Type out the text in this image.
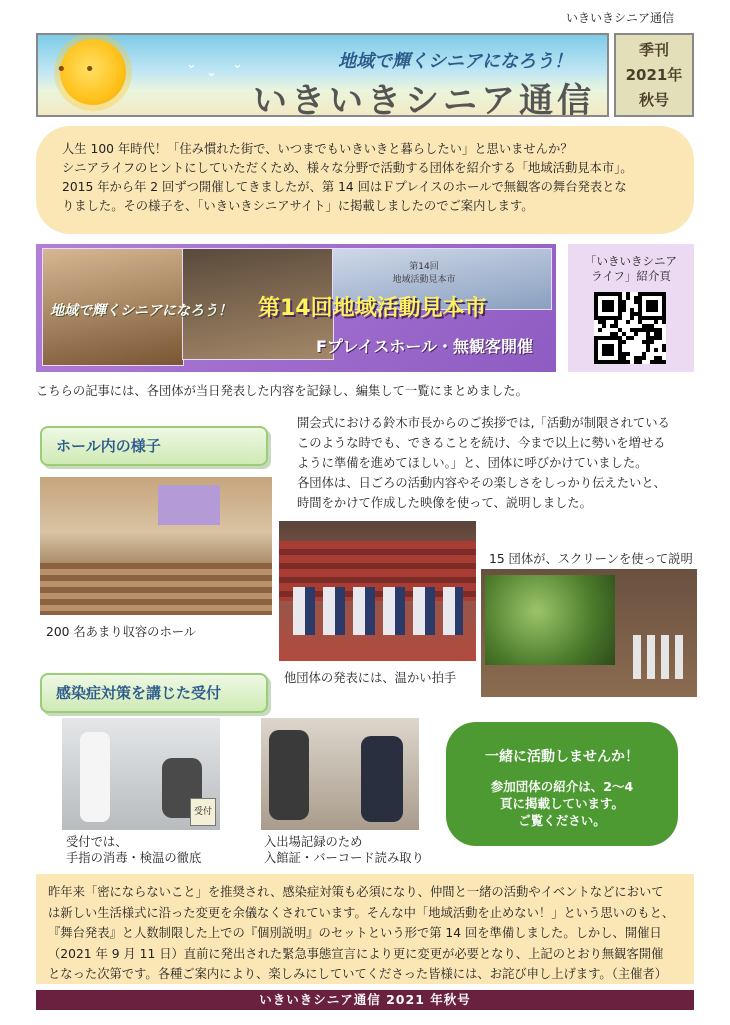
いきいきシニア通信
• •	⌄
⌄
⌄	地域で輝くシニアになろう！
いきいきシニア通信
季刊
2021年
秋号
人生 100 年時代！「住み慣れた街で、いつまでもいきいきと暮らしたい」と思いませんか？
シニアライフのヒントにしていただくため、様々な分野で活動する団体を紹介する「地域活動見本市」。
2015 年から年 2 回ずつ開催してきましたが、第 14 回はＦプレイスのホールで無観客の舞台発表とな
りました。その様子を、「いきいきシニアサイト」に掲載しましたのでご案内します。
第14回
地域活動見本市
地域で輝くシニアになろう！ 第14回地域活動見本市
Fプレイスホール・無観客開催
「いきいきシニア
ライフ」紹介頁
こちらの記事には、各団体が当日発表した内容を記録し、編集して一覧にまとめました。
ホール内の様子
開会式における鈴木市長からのご挨拶では,「活動が制限されている
このような時でも、できることを続け、今まで以上に勢いを増せる
ように準備を進めてほしい。」と、団体に呼びかけていました。
各団体は、日ごろの活動内容やその楽しさをしっかり伝えたいと、
時間をかけて作成した映像を使って、説明しました。
200 名あまり収容のホール
他団体の発表には、温かい拍手
15 団体が、スクリーンを使って説明
感染症対策を講じた受付
受付
受付では、
手指の消毒・検温の徹底
入出場記録のため
入館証・バーコード読み取り
一緒に活動しませんか！
参加団体の紹介は、2～4
頁に掲載しています。
ご覧ください。
昨年来「密にならないこと」を推奨され、感染症対策も必須になり、仲間と一緒の活動やイベントなどにおいて
は新しい生活様式に沿った変更を余儀なくされています。そんな中「地域活動を止めない！」という思いのもと、
『舞台発表』と人数制限した上での『個別説明』のセットという形で第 14 回を準備しました。しかし、開催日
（2021 年 9 月 11 日）直前に発出された緊急事態宣言により更に変更が必要となり、上記のとおり無観客開催
となった次第です。各種ご案内により、楽しみにしていてくださった皆様には、お詫び申し上げます。（主催者）
いきいきシニア通信 2021 年秋号
